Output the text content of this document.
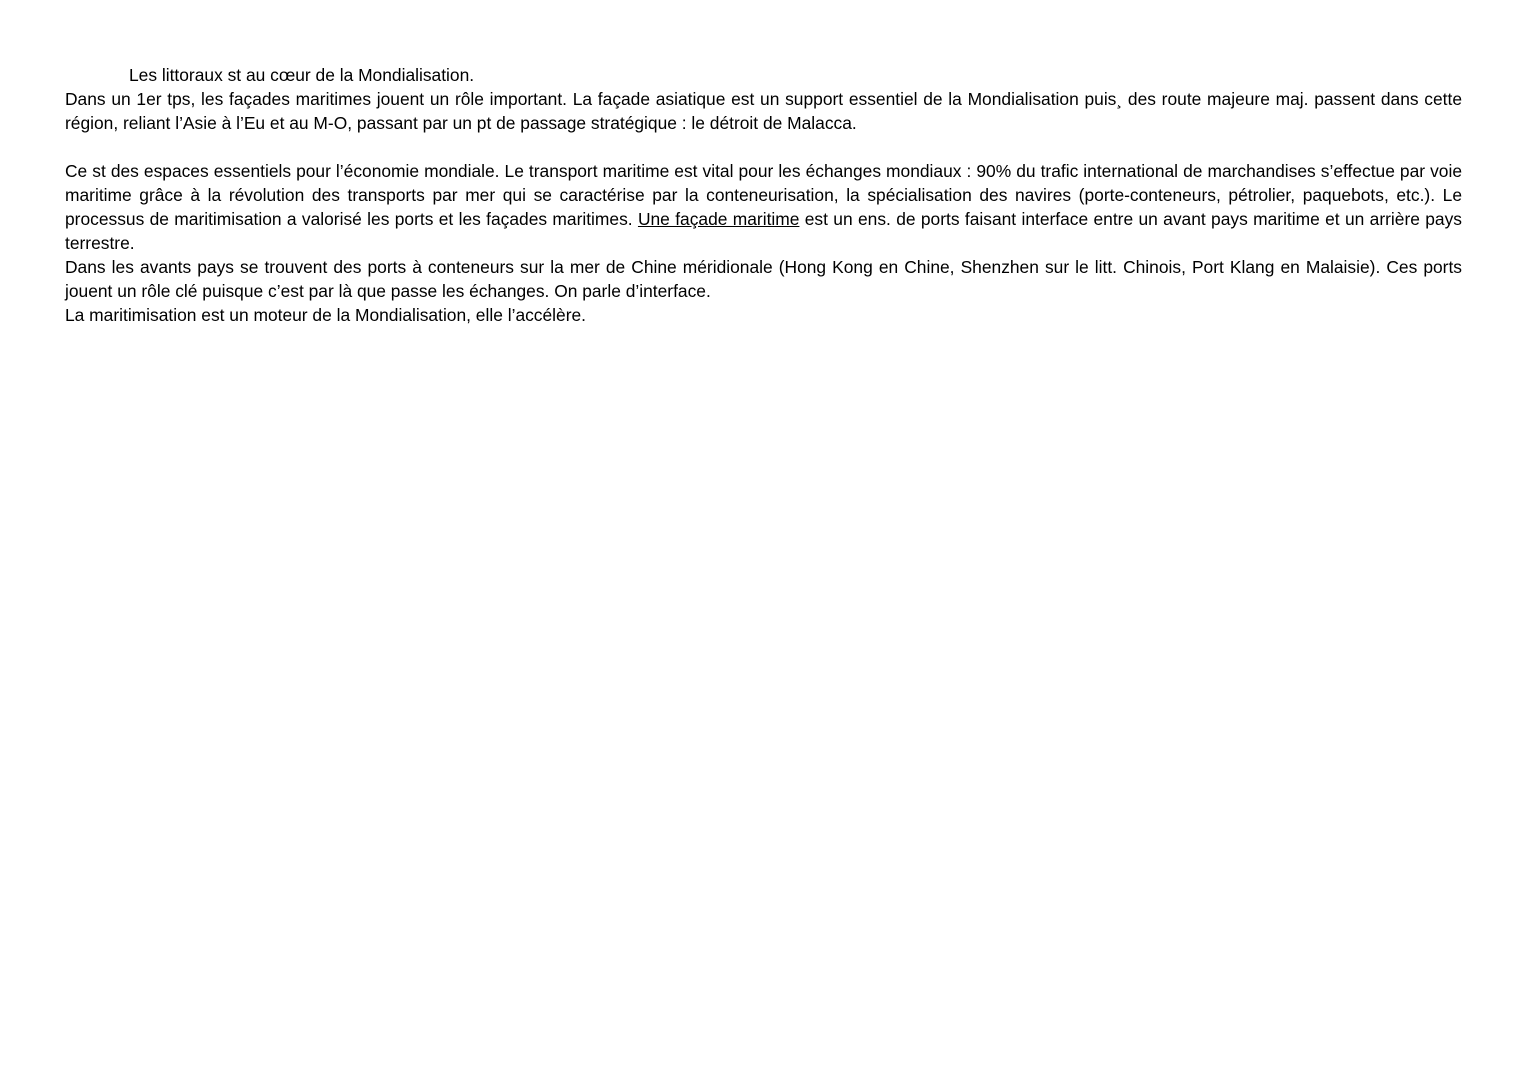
Les littoraux st au cœur de la Mondialisation.

Dans un 1er tps, les façades maritimes jouent un rôle important. La façade asiatique est un support essentiel de la Mondialisation puis¸ des route majeure maj. passent dans cette région, reliant l’Asie à l’Eu et au M-O, passant par un pt de passage stratégique : le détroit de Malacca.

Ce st des espaces essentiels pour l’économie mondiale. Le transport maritime est vital pour les échanges mondiaux : 90% du trafic international de marchandises s’effectue par voie maritime grâce à la révolution des transports par mer qui se caractérise par la conteneurisation, la spécialisation des navires (porte-conteneurs, pétrolier, paquebots, etc.). Le processus de maritimisation a valorisé les ports et les façades maritimes. Une façade maritime est un ens. de ports faisant interface entre un avant pays maritime et un arrière pays terrestre.

Dans les avants pays se trouvent des ports à conteneurs sur la mer de Chine méridionale (Hong Kong en Chine, Shenzhen sur le litt. Chinois, Port Klang en Malaisie). Ces ports jouent un rôle clé puisque c’est par là que passe les échanges. On parle d’interface.

La maritimisation est un moteur de la Mondialisation, elle l’accélère.
